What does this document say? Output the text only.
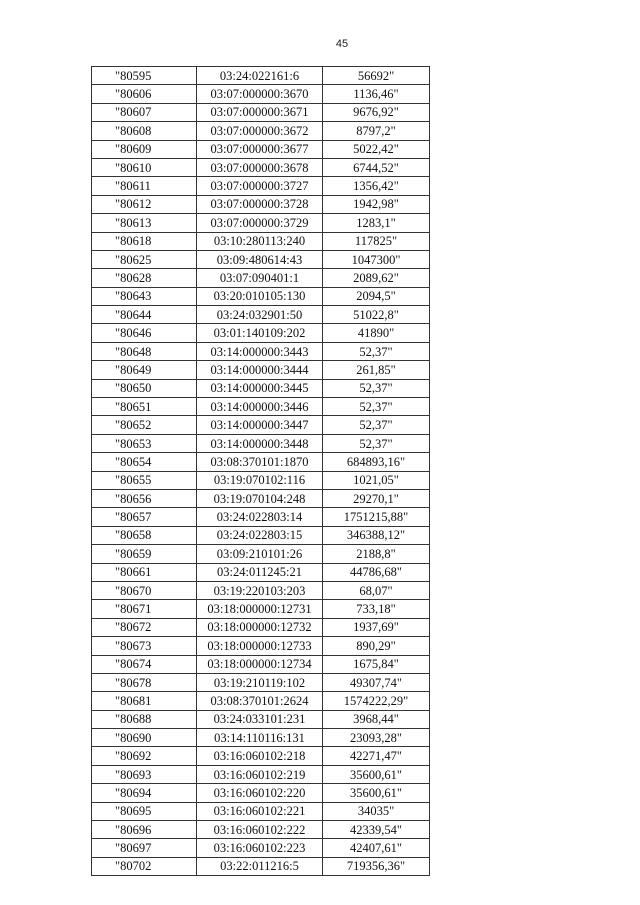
45
"80595	03:24:022161:6	56692"
"80606	03:07:000000:3670	1136,46"
"80607	03:07:000000:3671	9676,92"
"80608	03:07:000000:3672	8797,2"
"80609	03:07:000000:3677	5022,42"
"80610	03:07:000000:3678	6744,52"
"80611	03:07:000000:3727	1356,42"
"80612	03:07:000000:3728	1942,98"
"80613	03:07:000000:3729	1283,1"
"80618	03:10:280113:240	117825"
"80625	03:09:480614:43	1047300"
"80628	03:07:090401:1	2089,62"
"80643	03:20:010105:130	2094,5"
"80644	03:24:032901:50	51022,8"
"80646	03:01:140109:202	41890"
"80648	03:14:000000:3443	52,37"
"80649	03:14:000000:3444	261,85"
"80650	03:14:000000:3445	52,37"
"80651	03:14:000000:3446	52,37"
"80652	03:14:000000:3447	52,37"
"80653	03:14:000000:3448	52,37"
"80654	03:08:370101:1870	684893,16"
"80655	03:19:070102:116	1021,05"
"80656	03:19:070104:248	29270,1"
"80657	03:24:022803:14	1751215,88"
"80658	03:24:022803:15	346388,12"
"80659	03:09:210101:26	2188,8"
"80661	03:24:011245:21	44786,68"
"80670	03:19:220103:203	68,07"
"80671	03:18:000000:12731	733,18"
"80672	03:18:000000:12732	1937,69"
"80673	03:18:000000:12733	890,29"
"80674	03:18:000000:12734	1675,84"
"80678	03:19:210119:102	49307,74"
"80681	03:08:370101:2624	1574222,29"
"80688	03:24:033101:231	3968,44"
"80690	03:14:110116:131	23093,28"
"80692	03:16:060102:218	42271,47"
"80693	03:16:060102:219	35600,61"
"80694	03:16:060102:220	35600,61"
"80695	03:16:060102:221	34035"
"80696	03:16:060102:222	42339,54"
"80697	03:16:060102:223	42407,61"
"80702	03:22:011216:5	719356,36"
